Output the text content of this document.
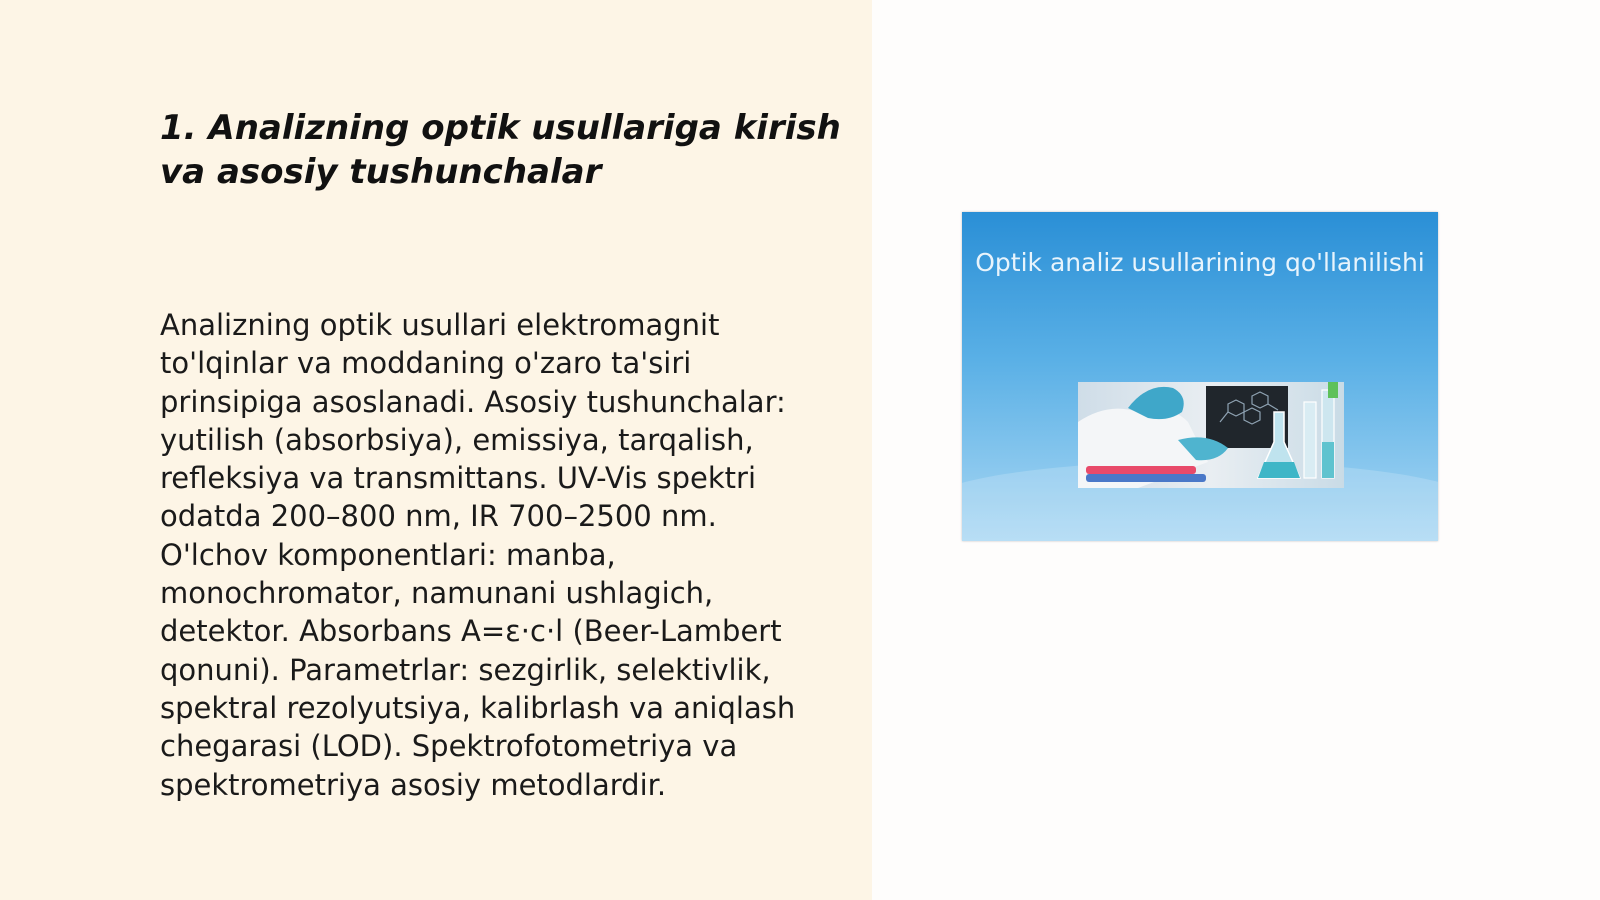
1. Analizning optik usullariga kirish va asosiy tushunchalar

Analizning optik usullari elektromagnit to'lqinlar va moddaning o'zaro ta'siri prinsipiga asoslanadi. Asosiy tushunchalar: yutilish (absorbsiya), emissiya, tarqalish, refleksiya va transmittans. UV-Vis spektri odatda 200–800 nm, IR 700–2500 nm. O'lchov komponentlari: manba, monochromator, namunani ushlagich, detektor. Absorbans A=ε·c·l (Beer-Lambert qonuni). Parametrlar: sezgirlik, selektivlik, spektral rezolyutsiya, kalibrlash va aniqlash chegarasi (LOD). Spektrofotometriya va spektrometriya asosiy metodlardir.

Optik analiz usullarining qo'llanilishi
